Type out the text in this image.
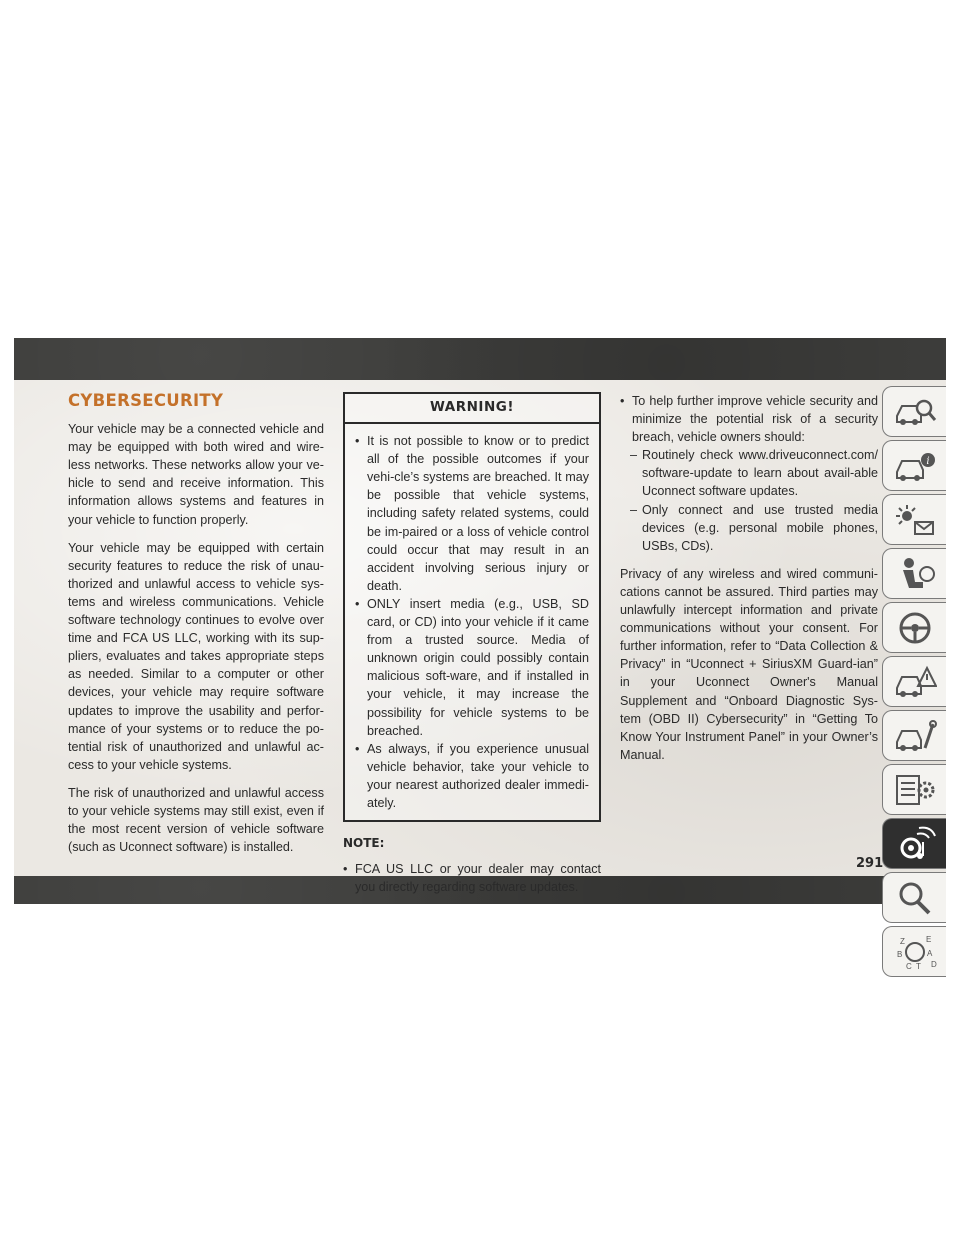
CYBERSECURITY

Your vehicle may be a connected vehicle and may be equipped with both wired and wire-less networks. These networks allow your ve-hicle to send and receive information. This information allows systems and features in your vehicle to function properly.

Your vehicle may be equipped with certain security features to reduce the risk of unau-thorized and unlawful access to vehicle sys-tems and wireless communications. Vehicle software technology continues to evolve over time and FCA US LLC, working with its sup-pliers, evaluates and takes appropriate steps as needed. Similar to a computer or other devices, your vehicle may require software updates to improve the usability and perfor-mance of your systems or to reduce the po-tential risk of unauthorized and unlawful ac-cess to your vehicle systems.

The risk of unauthorized and unlawful access to your vehicle systems may still exist, even if the most recent version of vehicle software (such as Uconnect software) is installed.

WARNING!
• It is not possible to know or to predict all of the possible outcomes if your vehi-cle’s systems are breached. It may be possible that vehicle systems, including safety related systems, could be im-paired or a loss of vehicle control could occur that may result in an accident involving serious injury or death.
• ONLY insert media (e.g., USB, SD card, or CD) into your vehicle if it came from a trusted source. Media of unknown origin could possibly contain malicious soft-ware, and if installed in your vehicle, it may increase the possibility for vehicle systems to be breached.
• As always, if you experience unusual vehicle behavior, take your vehicle to your nearest authorized dealer immedi-ately.
NOTE:
• FCA US LLC or your dealer may contact you directly regarding software updates.
• To help further improve vehicle security and minimize the potential risk of a security breach, vehicle owners should:
– Routinely check www.driveuconnect.com/ software-update to learn about avail-able Uconnect software updates.
– Only connect and use trusted media devices (e.g. personal mobile phones, USBs, CDs).

Privacy of any wireless and wired communi-cations cannot be assured. Third parties may unlawfully intercept information and private communications without your consent. For further information, refer to “Data Collection & Privacy” in “Uconnect + SiriusXM Guard-ian” in your Uconnect Owner's Manual Supplement and “Onboard Diagnostic Sys-tem (OBD II) Cybersecurity” in “Getting To Know Your Instrument Panel” in your Owner’s Manual.

i
Z	E
B	A
C T D
291
